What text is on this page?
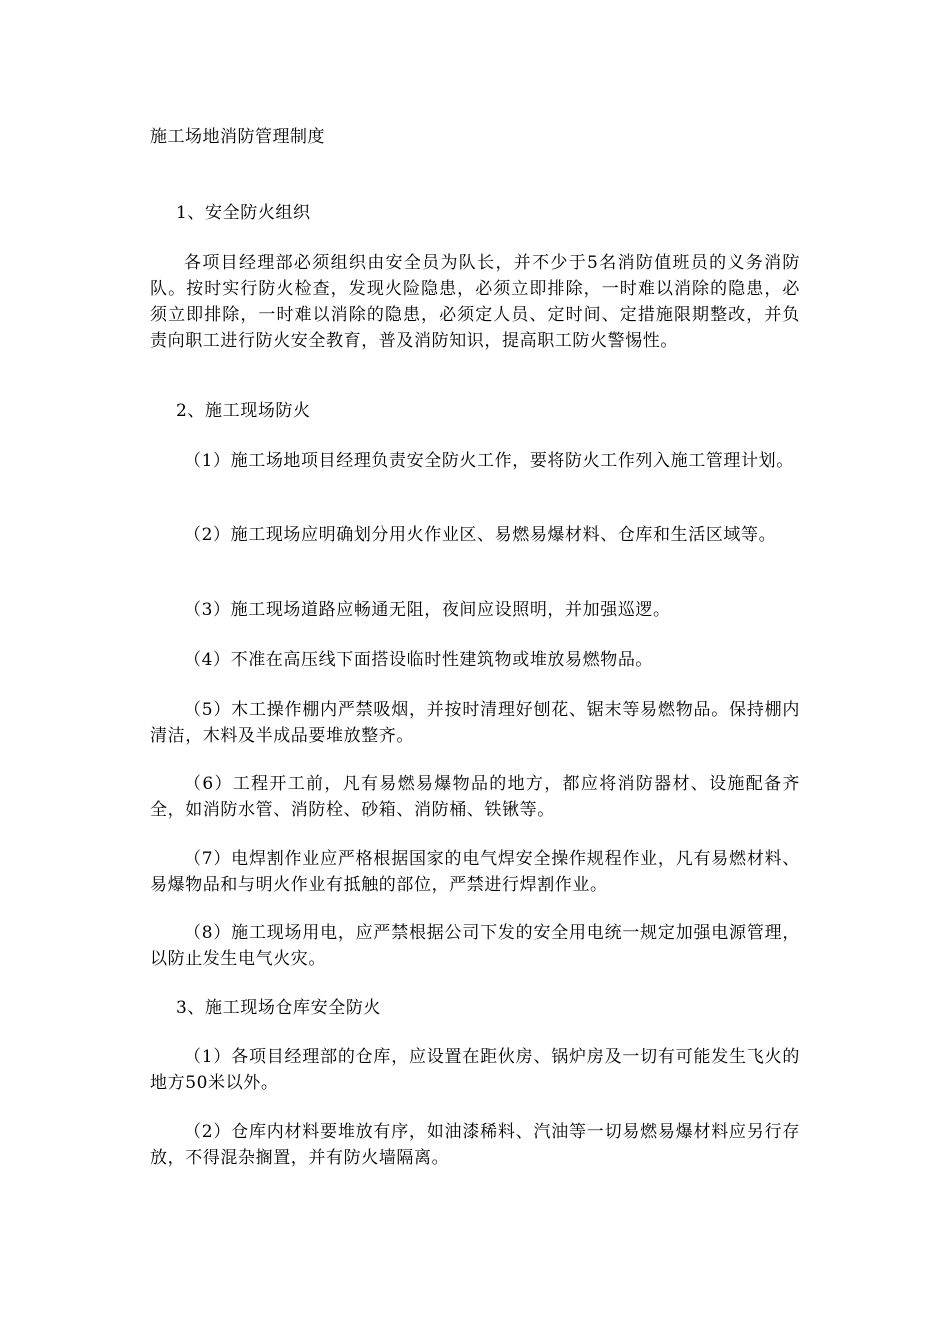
施工场地消防管理制度
1、安全防火组织
各项目经理部必须组织由安全员为队长，并不少于5名消防值班员的义务消防队。按时实行防火检查，发现火险隐患，必须立即排除，一时难以消除的隐患，必须立即排除，一时难以消除的隐患，必须定人员、定时间、定措施限期整改，并负责向职工进行防火安全教育，普及消防知识，提高职工防火警惕性。
2、施工现场防火
（1）施工场地项目经理负责安全防火工作，要将防火工作列入施工管理计划。
（2）施工现场应明确划分用火作业区、易燃易爆材料、仓库和生活区域等。
（3）施工现场道路应畅通无阻，夜间应设照明，并加强巡逻。
（4）不准在高压线下面搭设临时性建筑物或堆放易燃物品。
（5）木工操作棚内严禁吸烟，并按时清理好刨花、锯末等易燃物品。保持棚内清洁，木料及半成品要堆放整齐。
（6）工程开工前，凡有易燃易爆物品的地方，都应将消防器材、设施配备齐全，如消防水管、消防栓、砂箱、消防桶、铁锹等。
（7）电焊割作业应严格根据国家的电气焊安全操作规程作业，凡有易燃材料、易爆物品和与明火作业有抵触的部位，严禁进行焊割作业。
（8）施工现场用电，应严禁根据公司下发的安全用电统一规定加强电源管理，以防止发生电气火灾。
3、施工现场仓库安全防火
（1）各项目经理部的仓库，应设置在距伙房、锅炉房及一切有可能发生飞火的地方50米以外。
（2）仓库内材料要堆放有序，如油漆稀料、汽油等一切易燃易爆材料应另行存放，不得混杂搁置，并有防火墙隔离。
